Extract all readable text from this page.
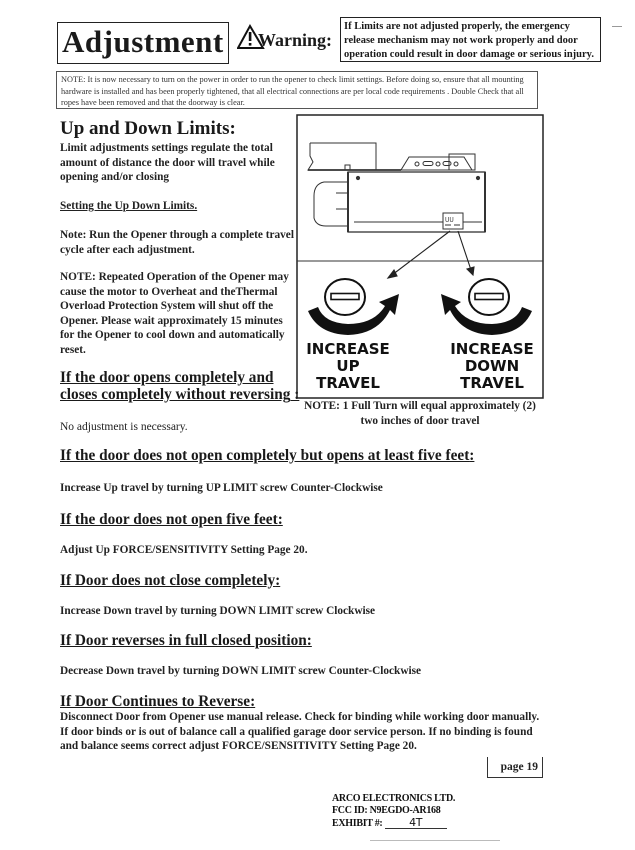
Adjustment Warning:
If Limits are not adjusted properly, the emergency release mechanism may not work properly and door operation could result in door damage or serious injury.
NOTE: It is now necessary to turn on the power in order to run the opener to check limit settings. Before doing so, ensure that all mounting hardware is installed and has been properly tightened, that all electrical connections are per local code requirements . Double Check that all ropes have been removed and that the doorway is clear.
Up and Down Limits:
Limit adjustments settings regulate the total amount of distance the door will travel while opening and/or closing
Setting the Up Down Limits.
Note: Run the Opener through a complete travel cycle after each adjustment.
NOTE: Repeated Operation of the Opener may cause the motor to Overheat and theThermal Overload Protection System will shut off the Opener. Please wait approximately 15 minutes for the Opener to cool down and automatically reset.
If the door opens completely and closes completely without reversing :
No adjustment is necessary.
ᑌᑌ
INCREASE
UP
TRAVEL
INCREASE
DOWN
TRAVEL
NOTE: 1 Full Turn will equal approximately (2) two inches of door travel
If the door does not open completely but opens at least five feet:
Increase Up travel by turning UP LIMIT screw Counter-Clockwise
If the door does not open five feet:
Adjust Up FORCE/SENSITIVITY Setting Page 20.
If Door does not close completely:
Increase Down travel by turning DOWN LIMIT screw Clockwise
If Door reverses in full closed position:
Decrease Down travel by turning DOWN LIMIT screw Counter-Clockwise
If Door Continues to Reverse:
Disconnect Door from Opener use manual release. Check for binding while working door manually. If door binds or is out of balance call a qualified garage door service person. If no binding is found and balance seems correct adjust FORCE/SENSITIVITY Setting Page 20.
page 19
ARCO ELECTRONICS LTD.
FCC ID: N9EGDO-AR168
EXHIBIT #: 4T
